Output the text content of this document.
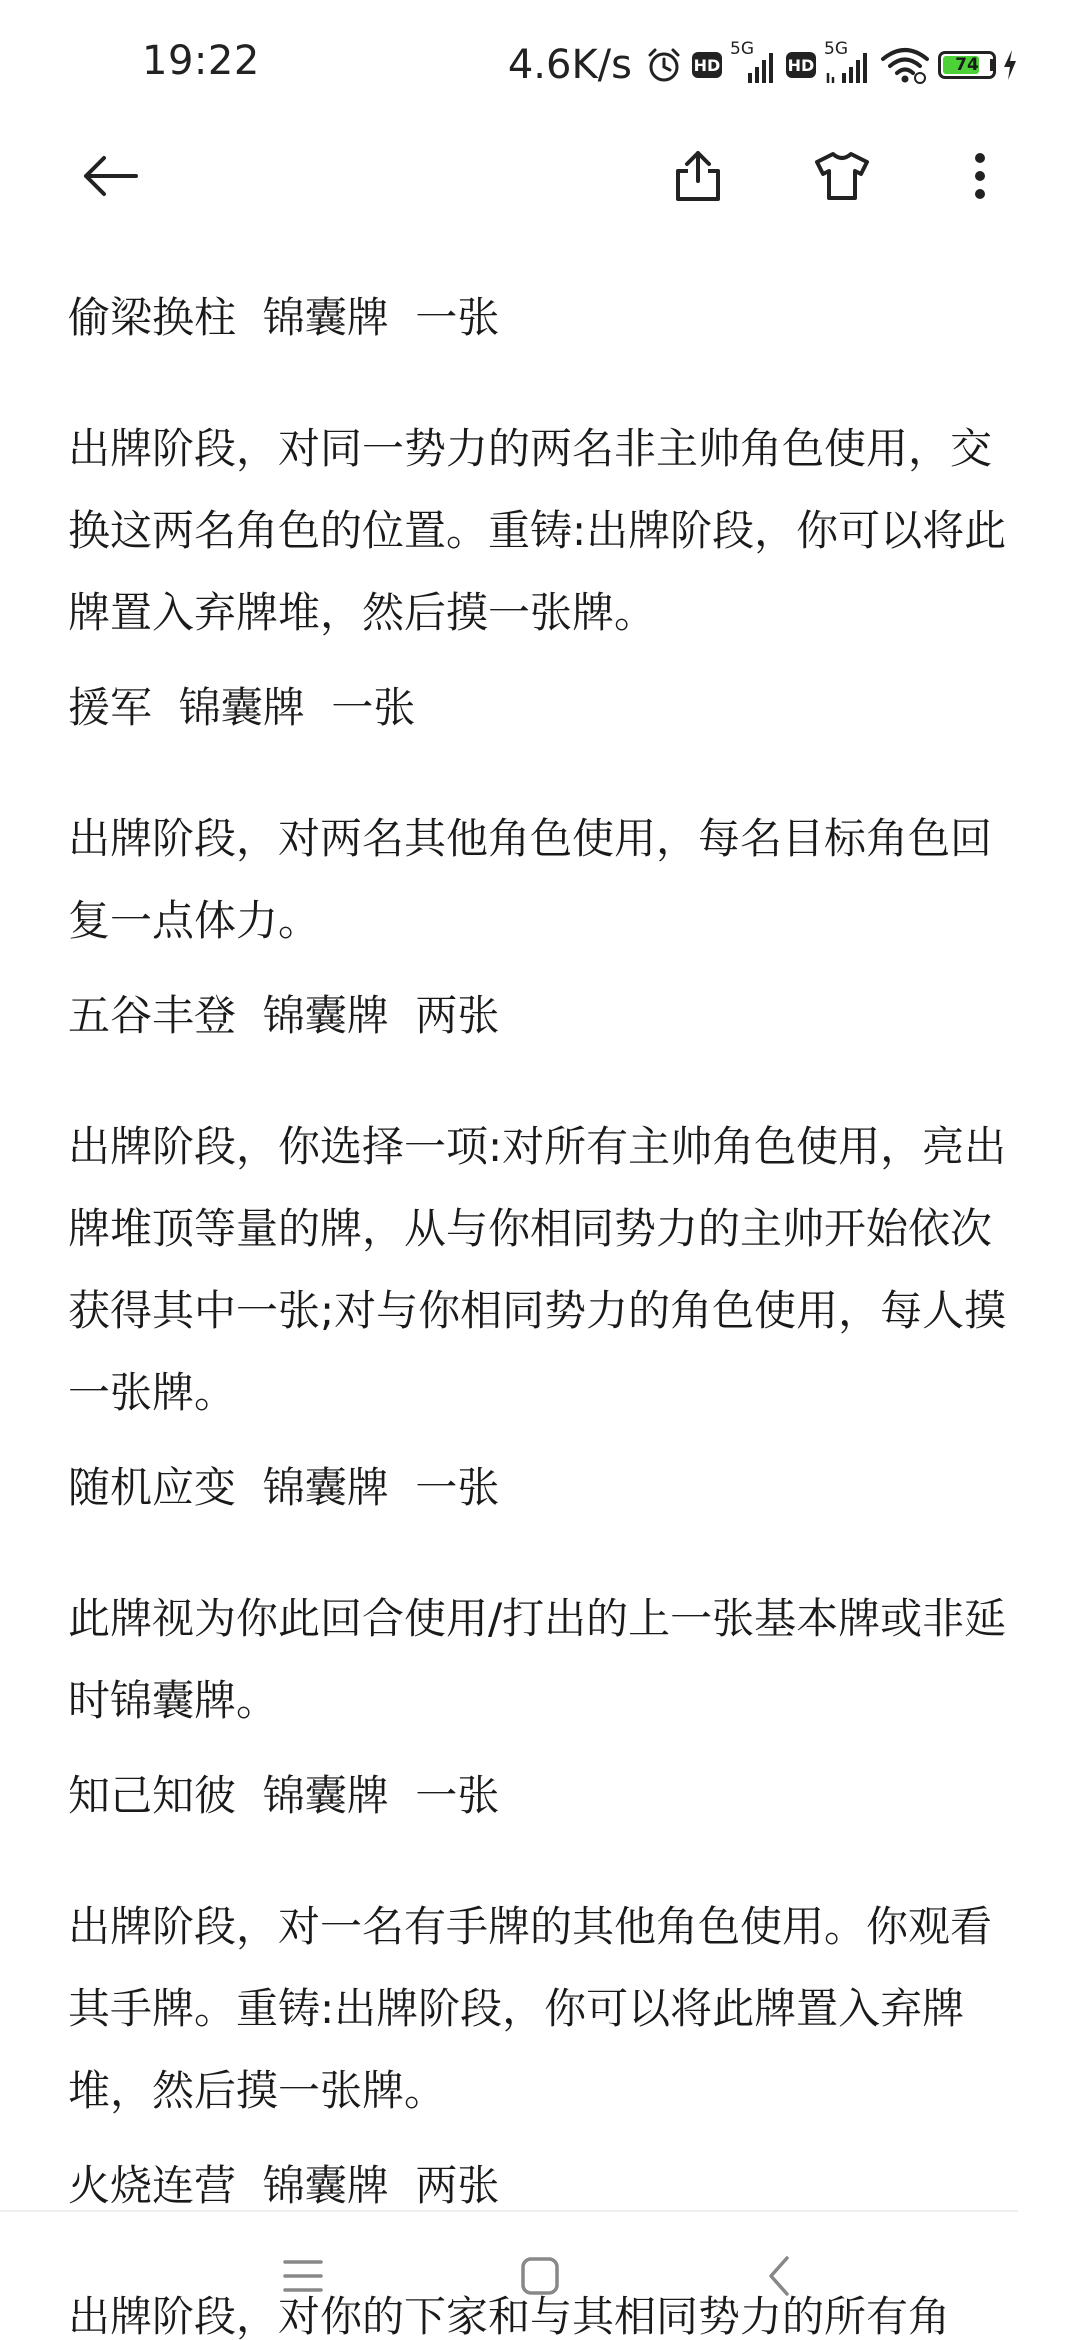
19:22	4.6K/s	HD
5G
HD
5G
74
偷梁换柱  锦囊牌  一张
出牌阶段，对同一势力的两名非主帅角色使用，交换这两名角色的位置。重铸:出牌阶段，你可以将此牌置入弃牌堆，然后摸一张牌。
援军  锦囊牌  一张
出牌阶段，对两名其他角色使用，每名目标角色回复一点体力。
五谷丰登  锦囊牌  两张
出牌阶段，你选择一项:对所有主帅角色使用，亮出牌堆顶等量的牌，从与你相同势力的主帅开始依次获得其中一张;对与你相同势力的角色使用，每人摸一张牌。
随机应变  锦囊牌  一张
此牌视为你此回合使用/打出的上一张基本牌或非延时锦囊牌。
知己知彼  锦囊牌  一张
出牌阶段，对一名有手牌的其他角色使用。你观看其手牌。重铸:出牌阶段，你可以将此牌置入弃牌堆，然后摸一张牌。
火烧连营  锦囊牌  两张
出牌阶段，对你的下家和与其相同势力的所有角
